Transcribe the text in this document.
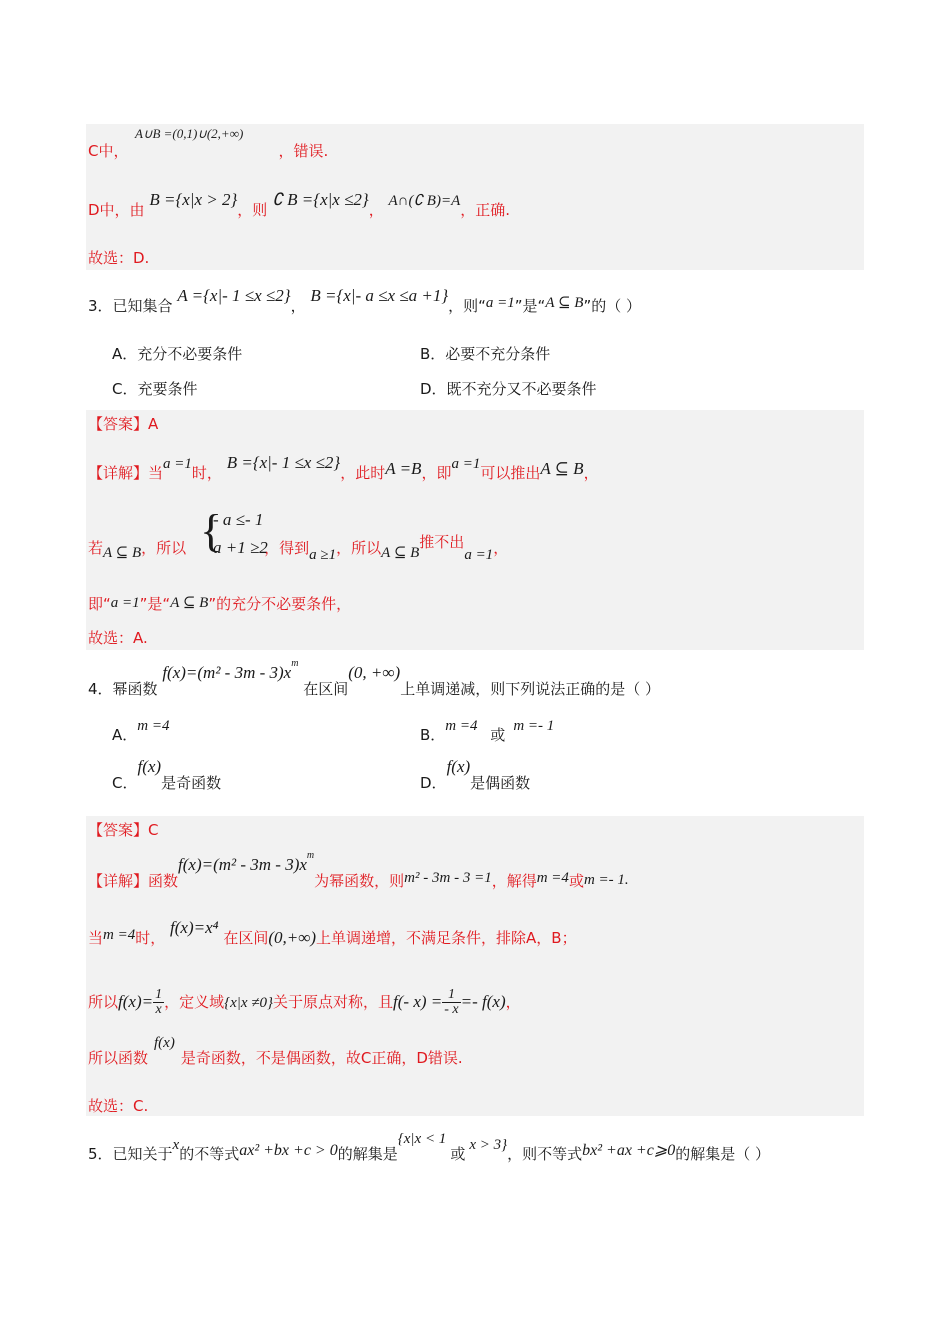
A∪B =(0,1)∪(2,+∞)
C中，	，错误.
D中，由 B ={x|x > 2}，则 ∁ B ={x|x ≤2}， A∩(∁ B)=A，正确.
故选：D.
3．已知集合 A ={x|- 1 ≤x ≤2}， B ={x|- a ≤x ≤a +1}，则“a =1”是“A ⊆ B”的（ ）
A．充分不必要条件	B．必要不充分条件
C．充要条件	D．既不充分又不必要条件
【答案】A
【详解】当a =1时， B ={x|- 1 ≤x ≤2}，此时A =B，即a =1可以推出A ⊆ B，
若A ⊆ B，所以	，得到a ≥1，所以A ⊆ B推不出a =1，
{
- a ≤- 1
a +1 ≥2
即“a =1”是“A ⊆ B”的充分不必要条件，
故选：A.
4．幂函数 $f(x)=(m^2 - 3m - 3)x^m$ 在区间(0, +∞)上单调递减，则下列说法正确的是（ ）
A．m =4	B．m =4 或 m =- 1
C．f(x)是奇函数	D．f(x)是偶函数
【答案】C
【详解】函数$f(x)=(m^2 - 3m - 3)x^m$为幂函数，则m² - 3m - 3 =1，解得m =4或m =- 1.
当m =4时， f(x)=x⁴ 在区间(0,+∞)上单调递增，不满足条件，排除A，B；
所以$f(x)= \frac{1}{x}$ ，定义域{x|x ≠0}关于原点对称，且f(- $x) = \frac{1}{- x} =- f(x)$，
所以函数f(x)是奇函数，不是偶函数，故C正确，D错误.
故选：C.
5．已知关于x的不等式ax² +bx +c > 0的解集是{x|x < 1或 x > 3}，则不等式bx² +ax +c⩾0的解集是（ ）
